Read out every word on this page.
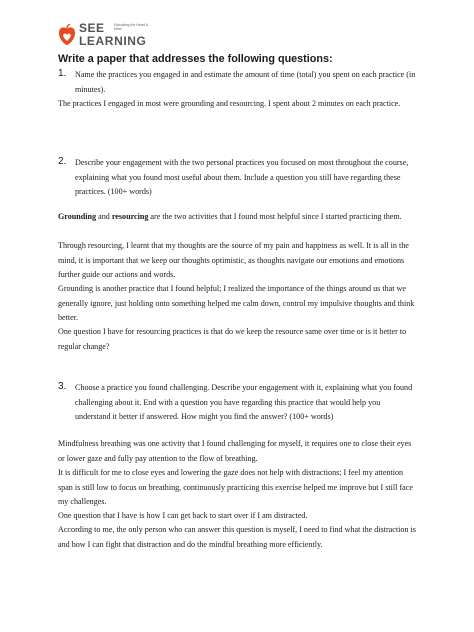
SEE	Educating the Heart & Mind
LEARNING
Write a paper that addresses the following questions:
1.	Name the practices you engaged in and estimate the amount of time (total) you spent on each practice (in minutes).

The practices I engaged in most were grounding and resourcing. I spent about 2 minutes on each practice.

2.	Describe your engagement with the two personal practices you focused on most throughout the course, explaining what you found most useful about them. Include a question you still have regarding these practices. (100+ words)

Grounding and resourcing are the two activities that I found most helpful since I started practicing them.

Through resourcing, I learnt that my thoughts are the source of my pain and happiness as well. It is all in the mind, it is important that we keep our thoughts optimistic, as thoughts navigate our emotions and emotions further guide our actions and words.

Grounding is another practice that I found helpful; I realized the importance of the things around us that we generally ignore, just holding onto something helped me calm down, control my impulsive thoughts and think better.

One question I have for resourcing practices is that do we keep the resource same over time or is it better to regular change?

3.	Choose a practice you found challenging. Describe your engagement with it, explaining what you found challenging about it. End with a question you have regarding this practice that would help you understand it better if answered. How might you find the answer? (100+ words)

Mindfulness breathing was one activity that I found challenging for myself, it requires one to close their eyes or lower gaze and fully pay attention to the flow of breathing.

It is difficult for me to close eyes and lowering the gaze does not help with distractions; I feel my attention span is still low to focus on breathing, continuously practicing this exercise helped me improve but I still face my challenges.

One question that I have is how I can get back to start over if I am distracted.

According to me, the only person who can answer this question is myself, I need to find what the distraction is and how I can fight that distraction and do the mindful breathing more efficiently.
